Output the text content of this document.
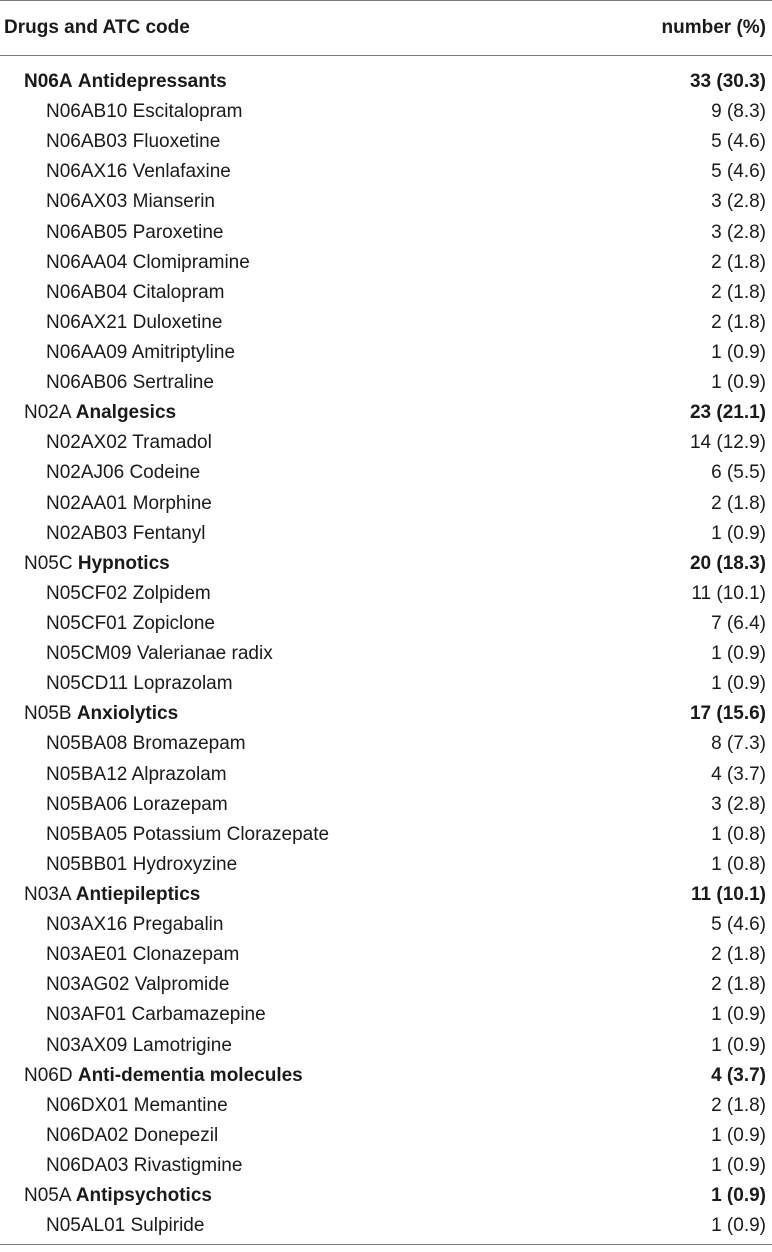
Drugs and ATC code	number (%)
N06A Antidepressants	33 (30.3)
N06AB10 Escitalopram	9 (8.3)
N06AB03 Fluoxetine	5 (4.6)
N06AX16 Venlafaxine	5 (4.6)
N06AX03 Mianserin	3 (2.8)
N06AB05 Paroxetine	3 (2.8)
N06AA04 Clomipramine	2 (1.8)
N06AB04 Citalopram	2 (1.8)
N06AX21 Duloxetine	2 (1.8)
N06AA09 Amitriptyline	1 (0.9)
N06AB06 Sertraline	1 (0.9)
N02A Analgesics	23 (21.1)
N02AX02 Tramadol	14 (12.9)
N02AJ06 Codeine	6 (5.5)
N02AA01 Morphine	2 (1.8)
N02AB03 Fentanyl	1 (0.9)
N05C Hypnotics	20 (18.3)
N05CF02 Zolpidem	11 (10.1)
N05CF01 Zopiclone	7 (6.4)
N05CM09 Valerianae radix	1 (0.9)
N05CD11 Loprazolam	1 (0.9)
N05B Anxiolytics	17 (15.6)
N05BA08 Bromazepam	8 (7.3)
N05BA12 Alprazolam	4 (3.7)
N05BA06 Lorazepam	3 (2.8)
N05BA05 Potassium Clorazepate	1 (0.8)
N05BB01 Hydroxyzine	1 (0.8)
N03A Antiepileptics	11 (10.1)
N03AX16 Pregabalin	5 (4.6)
N03AE01 Clonazepam	2 (1.8)
N03AG02 Valpromide	2 (1.8)
N03AF01 Carbamazepine	1 (0.9)
N03AX09 Lamotrigine	1 (0.9)
N06D Anti-dementia molecules	4 (3.7)
N06DX01 Memantine	2 (1.8)
N06DA02 Donepezil	1 (0.9)
N06DA03 Rivastigmine	1 (0.9)
N05A Antipsychotics	1 (0.9)
N05AL01 Sulpiride	1 (0.9)
